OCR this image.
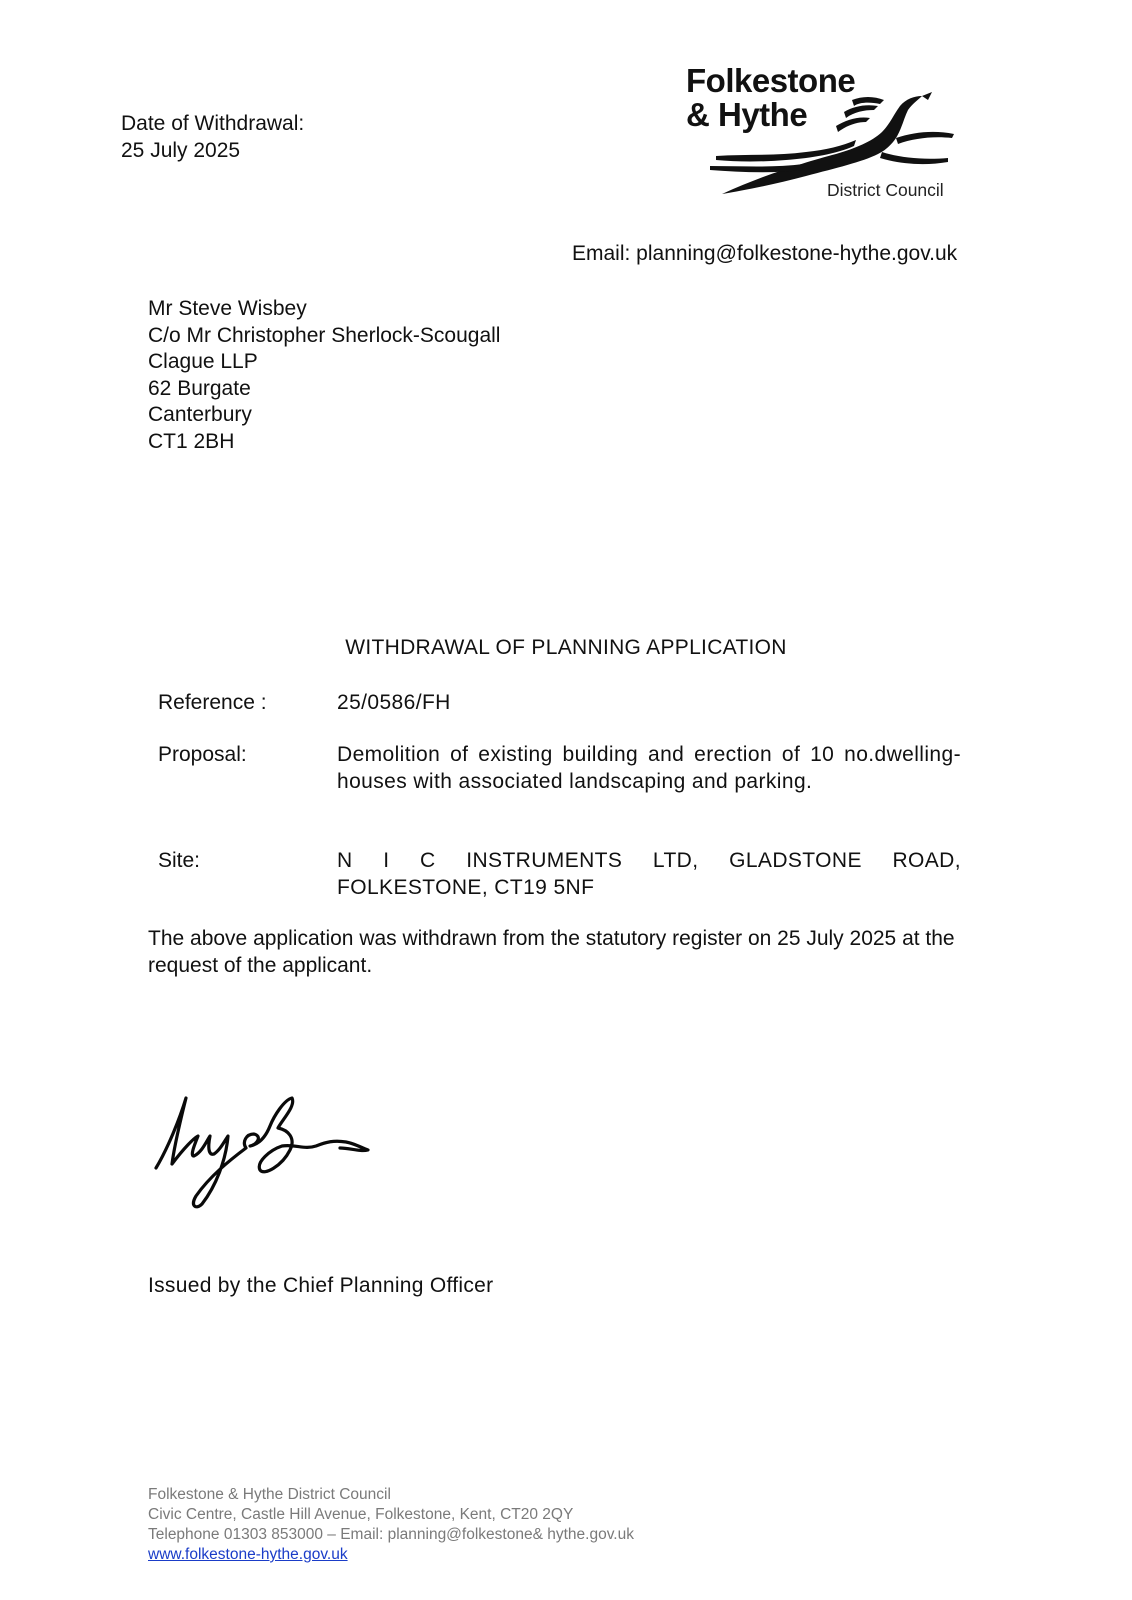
Date of Withdrawal:
25 July 2025
Folkestone
& Hythe
District Council
Email: planning@folkestone-hythe.gov.uk
Mr Steve Wisbey
C/o Mr Christopher Sherlock-Scougall
Clague LLP
62 Burgate
Canterbury
CT1 2BH
WITHDRAWAL OF PLANNING APPLICATION
Reference :	25/0586/FH
Proposal:	Demolition of existing building and erection of 10 no.dwelling-houses with associated landscaping and parking.
Site:	N I C INSTRUMENTS LTD, GLADSTONE ROAD, FOLKESTONE, CT19 5NF
The above application was withdrawn from the statutory register on 25 July 2025 at the request of the applicant.
Issued by the Chief Planning Officer
Folkestone & Hythe District Council
Civic Centre, Castle Hill Avenue, Folkestone, Kent, CT20 2QY
Telephone 01303 853000 – Email: planning@folkestone& hythe.gov.uk
www.folkestone-hythe.gov.uk
